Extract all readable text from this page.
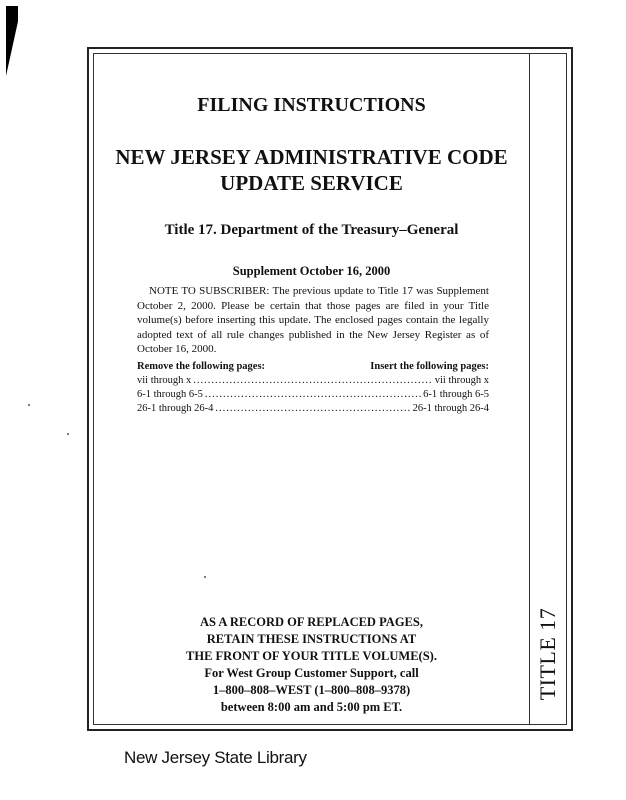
TITLE 17
FILING INSTRUCTIONS
NEW JERSEY ADMINISTRATIVE CODE
UPDATE SERVICE
Title 17. Department of the Treasury–General
Supplement October 16, 2000

NOTE TO SUBSCRIBER: The previous update to Title 17 was Supplement October 2, 2000. Please be certain that those pages are filed in your Title volume(s) before inserting this update. The enclosed pages contain the legally adopted text of all rule changes published in the New Jersey Register as of October 16, 2000.

Remove the following pages:	Insert the following pages:
vii through x .....	vii through x
6-1 through 6-5 .....	6-1 through 6-5
26-1 through 26-4 .....	26-1 through 26-4
AS A RECORD OF REPLACED PAGES,
RETAIN THESE INSTRUCTIONS AT
THE FRONT OF YOUR TITLE VOLUME(S).
For West Group Customer Support, call
1–800–808–WEST (1–800–808–9378)
between 8:00 am and 5:00 pm ET.
New Jersey State Library
